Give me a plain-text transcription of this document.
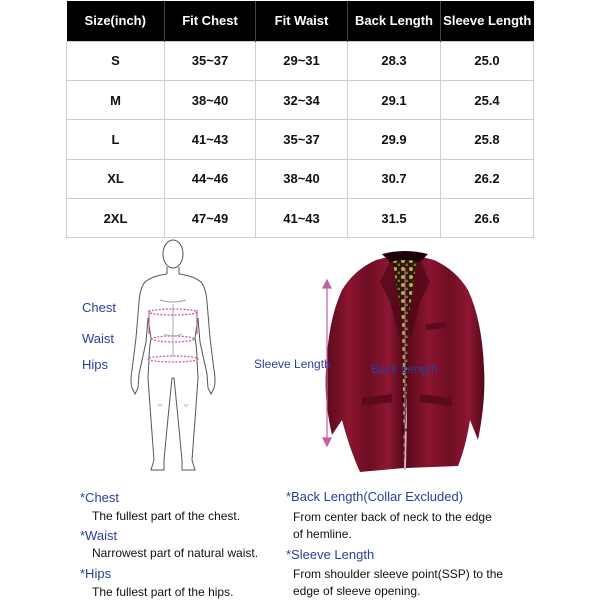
Size(inch)	Fit Chest	Fit Waist	Back Length	Sleeve Length
S	35~37	29~31	28.3	25.0
M	38~40	32~34	29.1	25.4
L	41~43	35~37	29.9	25.8
XL	44~46	38~40	30.7	26.2
2XL	47~49	41~43	31.5	26.6
Chest
Waist
Hips	Sleeve Length	Back Length
*Chest
The fullest part of the chest.
*Waist
Narrowest part of natural waist.
*Hips
The fullest part of the hips.
*Back Length(Collar Excluded)
From center back of neck to the edge
of hemline.
*Sleeve Length
From shoulder sleeve point(SSP) to the
edge of sleeve opening.
